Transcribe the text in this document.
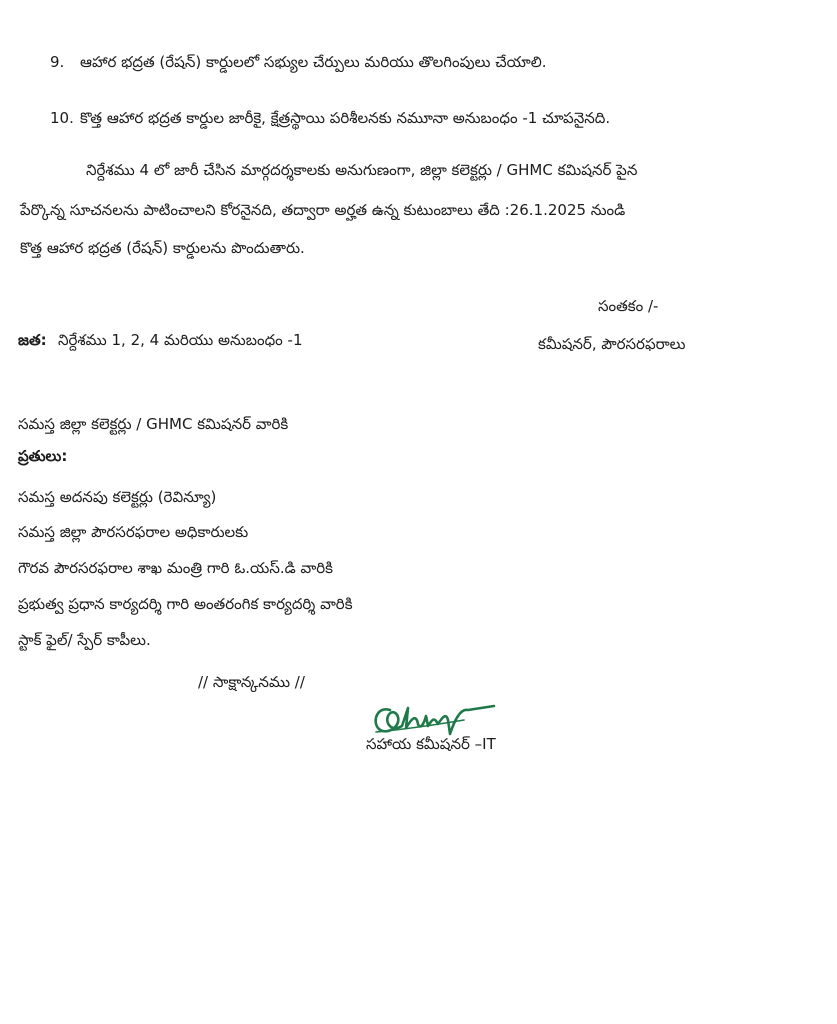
9. ఆహార భద్రత (రేషన్) కార్డులలో సభ్యుల చేర్పులు మరియు తొలగింపులు చేయాలి.
10. కొత్త ఆహార భద్రత కార్డుల జారీకై, క్షేత్రస్థాయి పరిశీలనకు నమూనా అనుబంధం -1 చూపనైనది.
నిర్దేశము 4 లో జారీ చేసిన మార్గదర్శకాలకు అనుగుణంగా, జిల్లా కలెక్టర్లు / GHMC కమిషనర్ పైన
పేర్కొన్న సూచనలను పాటించాలని కోరనైనది, తద్వారా అర్హత ఉన్న కుటుంబాలు తేది :26.1.2025 నుండి
కొత్త ఆహార భద్రత (రేషన్) కార్డులను పొందుతారు.
సంతకం /-
జత: నిర్దేశము 1, 2, 4 మరియు అనుబంధం -1	కమీషనర్, పౌరసరఫరాలు
సమస్త జిల్లా కలెక్టర్లు / GHMC కమిషనర్ వారికి
ప్రతులు:
సమస్త అదనపు కలెక్టర్లు (రెవిన్యూ)
సమస్త జిల్లా పౌరసరఫరాల అధికారులకు
గౌరవ పౌరసరఫరాల శాఖ మంత్రి గారి ఓ.యస్.డి వారికి
ప్రభుత్వ ప్రధాన కార్యదర్శి గారి అంతరంగిక కార్యదర్శి వారికి
స్టాక్ ఫైల్/ స్పేర్ కాపీలు.
// సాక్షాన్కనము //
సహాయ కమీషనర్ –IT
